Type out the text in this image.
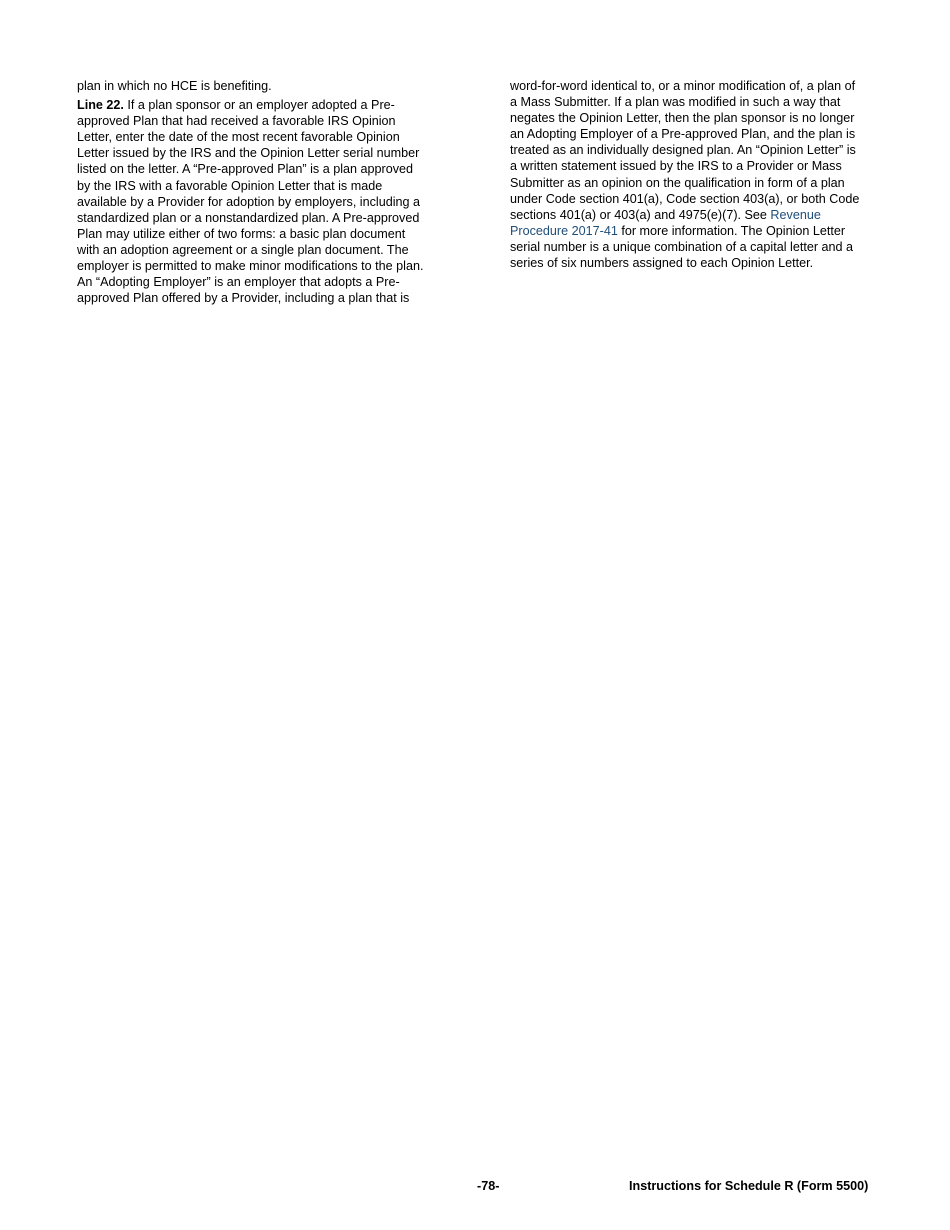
plan in which no HCE is benefiting.
Line 22. If a plan sponsor or an employer adopted a Pre-
approved Plan that had received a favorable IRS Opinion
Letter, enter the date of the most recent favorable Opinion
Letter issued by the IRS and the Opinion Letter serial number
listed on the letter. A “Pre-approved Plan” is a plan approved
by the IRS with a favorable Opinion Letter that is made
available by a Provider for adoption by employers, including a
standardized plan or a nonstandardized plan. A Pre-approved
Plan may utilize either of two forms: a basic plan document
with an adoption agreement or a single plan document. The
employer is permitted to make minor modifications to the plan.
An “Adopting Employer” is an employer that adopts a Pre-
approved Plan offered by a Provider, including a plan that is
word-for-word identical to, or a minor modification of, a plan of
a Mass Submitter. If a plan was modified in such a way that
negates the Opinion Letter, then the plan sponsor is no longer
an Adopting Employer of a Pre-approved Plan, and the plan is
treated as an individually designed plan. An “Opinion Letter” is
a written statement issued by the IRS to a Provider or Mass
Submitter as an opinion on the qualification in form of a plan
under Code section 401(a), Code section 403(a), or both Code
sections 401(a) or 403(a) and 4975(e)(7). See Revenue
Procedure 2017-41 for more information. The Opinion Letter
serial number is a unique combination of a capital letter and a
series of six numbers assigned to each Opinion Letter.
-78-	Instructions for Schedule R (Form 5500)
